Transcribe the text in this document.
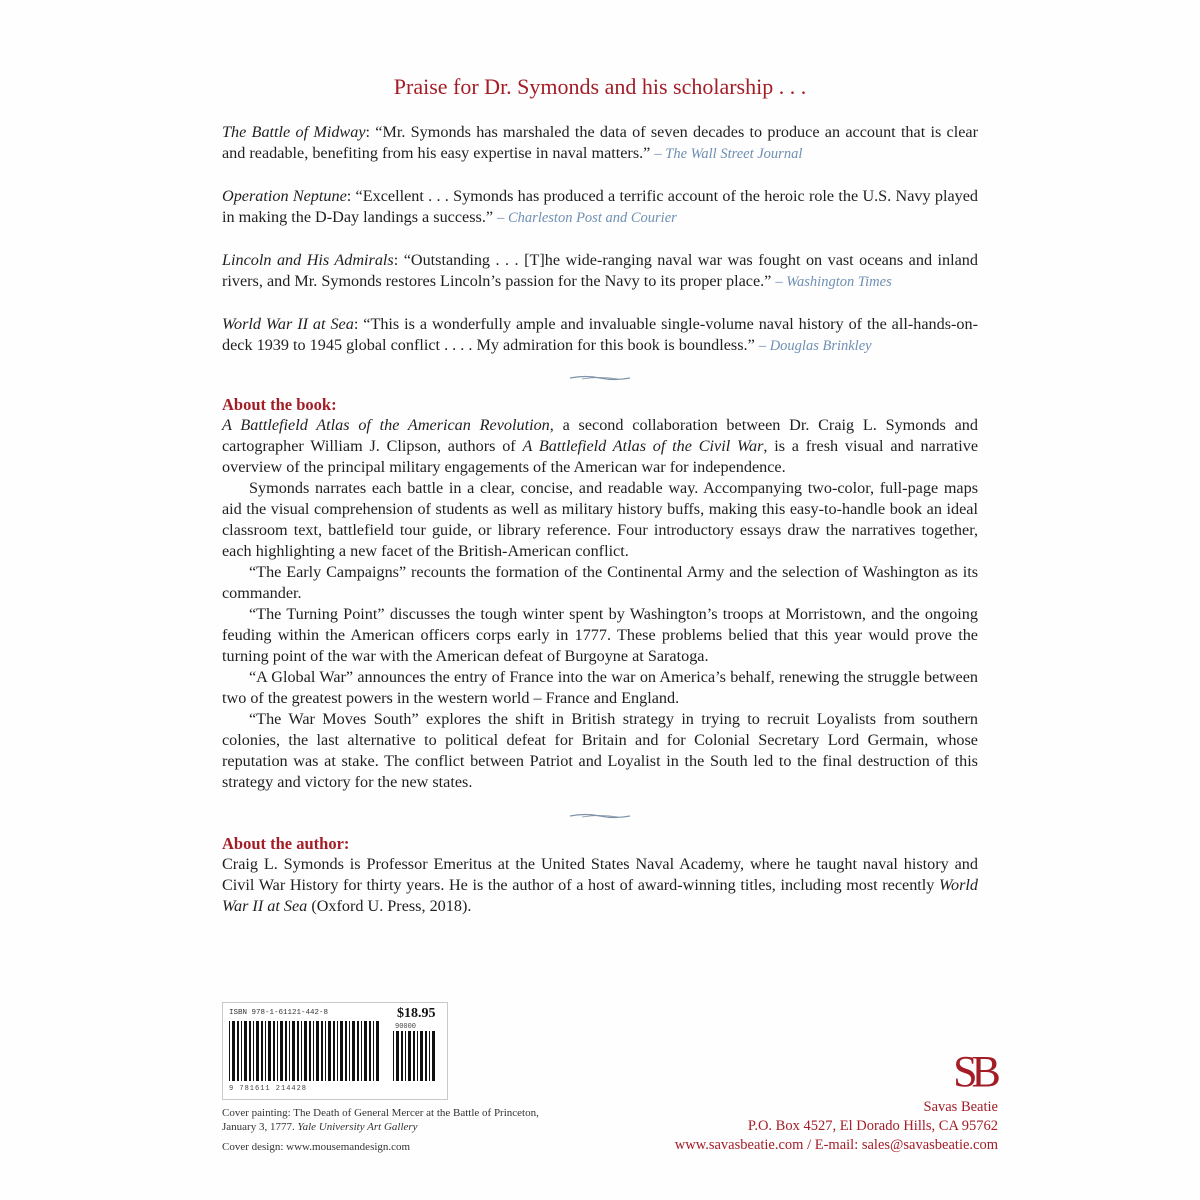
Praise for Dr. Symonds and his scholarship . . .

The Battle of Midway: “Mr. Symonds has marshaled the data of seven decades to produce an account that is clear and readable, benefiting from his easy expertise in naval matters.” – The Wall Street Journal

Operation Neptune: “Excellent . . . Symonds has produced a terrific account of the heroic role the U.S. Navy played in making the D-Day landings a success.” – Charleston Post and Courier

Lincoln and His Admirals: “Outstanding . . . [T]he wide-ranging naval war was fought on vast oceans and inland rivers, and Mr. Symonds restores Lincoln’s passion for the Navy to its proper place.” – Washington Times

World War II at Sea: “This is a wonderfully ample and invaluable single-volume naval history of the all-hands-on-deck 1939 to 1945 global conflict . . . . My admiration for this book is boundless.” – Douglas Brinkley

About the book:

A Battlefield Atlas of the American Revolution, a second collaboration between Dr. Craig L. Symonds and cartographer William J. Clipson, authors of A Battlefield Atlas of the Civil War, is a fresh visual and narrative overview of the principal military engagements of the American war for independence.

Symonds narrates each battle in a clear, concise, and readable way. Accompanying two-color, full-page maps aid the visual comprehension of students as well as military history buffs, making this easy-to-handle book an ideal classroom text, battlefield tour guide, or library reference. Four introductory essays draw the narratives together, each highlighting a new facet of the British-American conflict.

“The Early Campaigns” recounts the formation of the Continental Army and the selection of Washington as its commander.

“The Turning Point” discusses the tough winter spent by Washington’s troops at Morristown, and the ongoing feuding within the American officers corps early in 1777. These problems belied that this year would prove the turning point of the war with the American defeat of Burgoyne at Saratoga.

“A Global War” announces the entry of France into the war on America’s behalf, renewing the struggle between two of the greatest powers in the western world – France and England.

“The War Moves South” explores the shift in British strategy in trying to recruit Loyalists from southern colonies, the last alternative to political defeat for Britain and for Colonial Secretary Lord Germain, whose reputation was at stake. The conflict between Patriot and Loyalist in the South led to the final destruction of this strategy and victory for the new states.

About the author:

Craig L. Symonds is Professor Emeritus at the United States Naval Academy, where he taught naval history and Civil War History for thirty years. He is the author of a host of award-winning titles, including most recently World War II at Sea (Oxford U. Press, 2018).

ISBN 978-1-61121-442-8	$18.95
90000
9 781611 214428
Cover painting: The Death of General Mercer at the Battle of Princeton, January 3, 1777. Yale University Art Gallery
Cover design: www.mousemandesign.com
SB
Savas Beatie
P.O. Box 4527, El Dorado Hills, CA 95762
www.savasbeatie.com / E-mail: sales@savasbeatie.com
